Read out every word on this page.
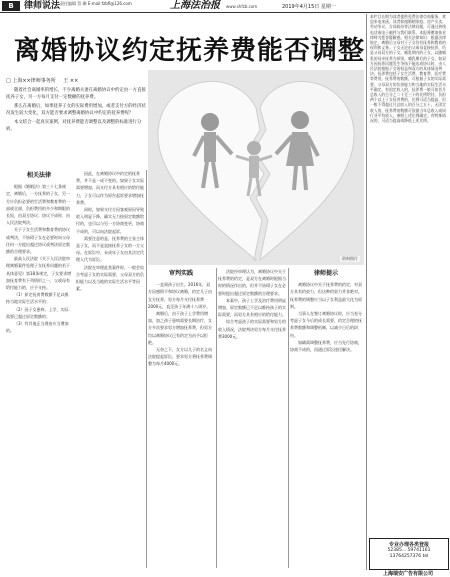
B	律师说法 责任编辑 蔡 卿 E-mail:fzbfl@126.com	上海法治报 www.shfzb.com	2019年4月15日 星期一
离婚协议约定抚养费能否调整
□ 上海××律师事务所 王 ××

随着社会离婚率的增长，不少离婚夫妻在离婚协议中约定由一方直接抚养子女，另一方每月支付一定数额的抚养费。

那么在离婚后，如果抚养子女的实际费用增加，或者支付方的经济状况发生较大变化，双方能否要求调整离婚协议中约定的抚养费呢？

本文结合一起真实案例，对抚养费能否调整以及调整的标准进行分析。

资料图片
相关法律

根据《婚姻法》第三十七条规定，离婚后，一方抚养的子女，另一方应负担必要的生活费和教育费的一部或全部，负担费用的多少和期限的长短，由双方协议；协议不成时，由人民法院判决。

关于子女生活费和教育费的协议或判决，不妨碍子女在必要时向父母任何一方提出超过协议或判决原定数额的合理要求。

最高人民法院《关于人民法院审理离婚案件处理子女抚养问题的若干具体意见》第18条规定，子女要求增加抚育费有下列情形之一，父或母有给付能力的，应予支持。

（1）原定抚育费数额不足以维持当地实际生活水平的；

（2）因子女患病、上学，实际需要已超过原定数额的；

（3）有其他正当理由应当增加的。

因此，在离婚协议中约定的抚养费，并不是一成不变的。如果子女实际需要增加，而支付方具有相应的给付能力，子女可以作为原告起诉要求增加抚养费。

同时，如果支付方因客观原因导致收入明显下降，确实无力按原定数额给付的，也可以与另一方协商变更，协商不成的，可以向法院起诉。

需要注意的是，抚养费的主张主体是子女，而不是直接抚养子女的一方父母。在诉讼中，未成年子女由其法定代理人代为诉讼。

法院在审理此类案件时，一般会综合考虑子女的实际需要、父母双方的负担能力以及当地的实际生活水平等因素。

审判实践

一直到孩子出生。2016年，双方因感情不和协议离婚，约定儿子由女方抚养，男方每月支付抚养费2000元，直至孩子年满十八周岁。

离婚后，由于孩子上学费用增加，加之孩子患病需要长期治疗，女方多次要求男方增加抚养费，但男方均以离婚协议已有约定为由予以拒绝。

无奈之下，女方以儿子的名义向法院提起诉讼，要求男方将抚养费调整为每月4000元。

法院经审理认为，离婚协议中关于抚养费的约定，是双方在离婚时根据当时的情况作出的，但并不妨碍子女在必要时提出超过原定数额的合理要求。

本案中，孩子上学及治疗费用明显增加，原定数额已不足以维持孩子的实际需要，而男方具有相应的给付能力。

综合考虑孩子的实际需要和男方的收入情况，法院判决男方每月支付抚养费3000元。

律师提示

离婚协议中关于抚养费的约定，对双方具有约束力，但这种约束力并非绝对。抚养费的调整应当以子女利益最大化为原则。

当事人在签订离婚协议时，应当充分考虑子女今后的成长需要，约定合理的抚养费数额和调整机制，以减少日后的纠纷。

如确需调整抚养费，应当先行协商，协商不成的，再通过诉讼途径解决。

本栏目长期为读者提供免费法律咨询服务，欢迎来电来函。读者如遇婚姻家庭、房产买卖、劳动争议、合同纠纷等法律问题，可通过热线电话或电子邮件与我们联系，本报将邀请执业律师为您答疑解惑。相关法律知识：根据法律规定，离婚后父母对于子女仍有抚养和教育的权利和义务。子女无论由父或母直接抚养，仍是父母双方的子女。哺乳期内的子女，以随哺乳的母亲抚养为原则。哺乳期后的子女，如双方因抚养问题发生争执不能达成协议时，由人民法院根据子女的权益和双方的具体情况判决。抚养费包括子女生活费、教育费、医疗费等费用。抚养费的数额，可根据子女的实际需要、父母双方的负担能力和当地的实际生活水平确定。有固定收入的，抚养费一般可按其月总收入的百分之二十至三十的比例给付。负担两个以上子女抚养费的，比例可适当提高，但一般不得超过月总收入的百分之五十。无固定收入的，抚养费的数额可依据当年总收入或同行业平均收入，参照上述比例确定。有特殊情况的，可适当提高或降低上述比例。

专业办理各类登报
52385... 59741161
13764257376 tel
上海瑞安广告有限公司
